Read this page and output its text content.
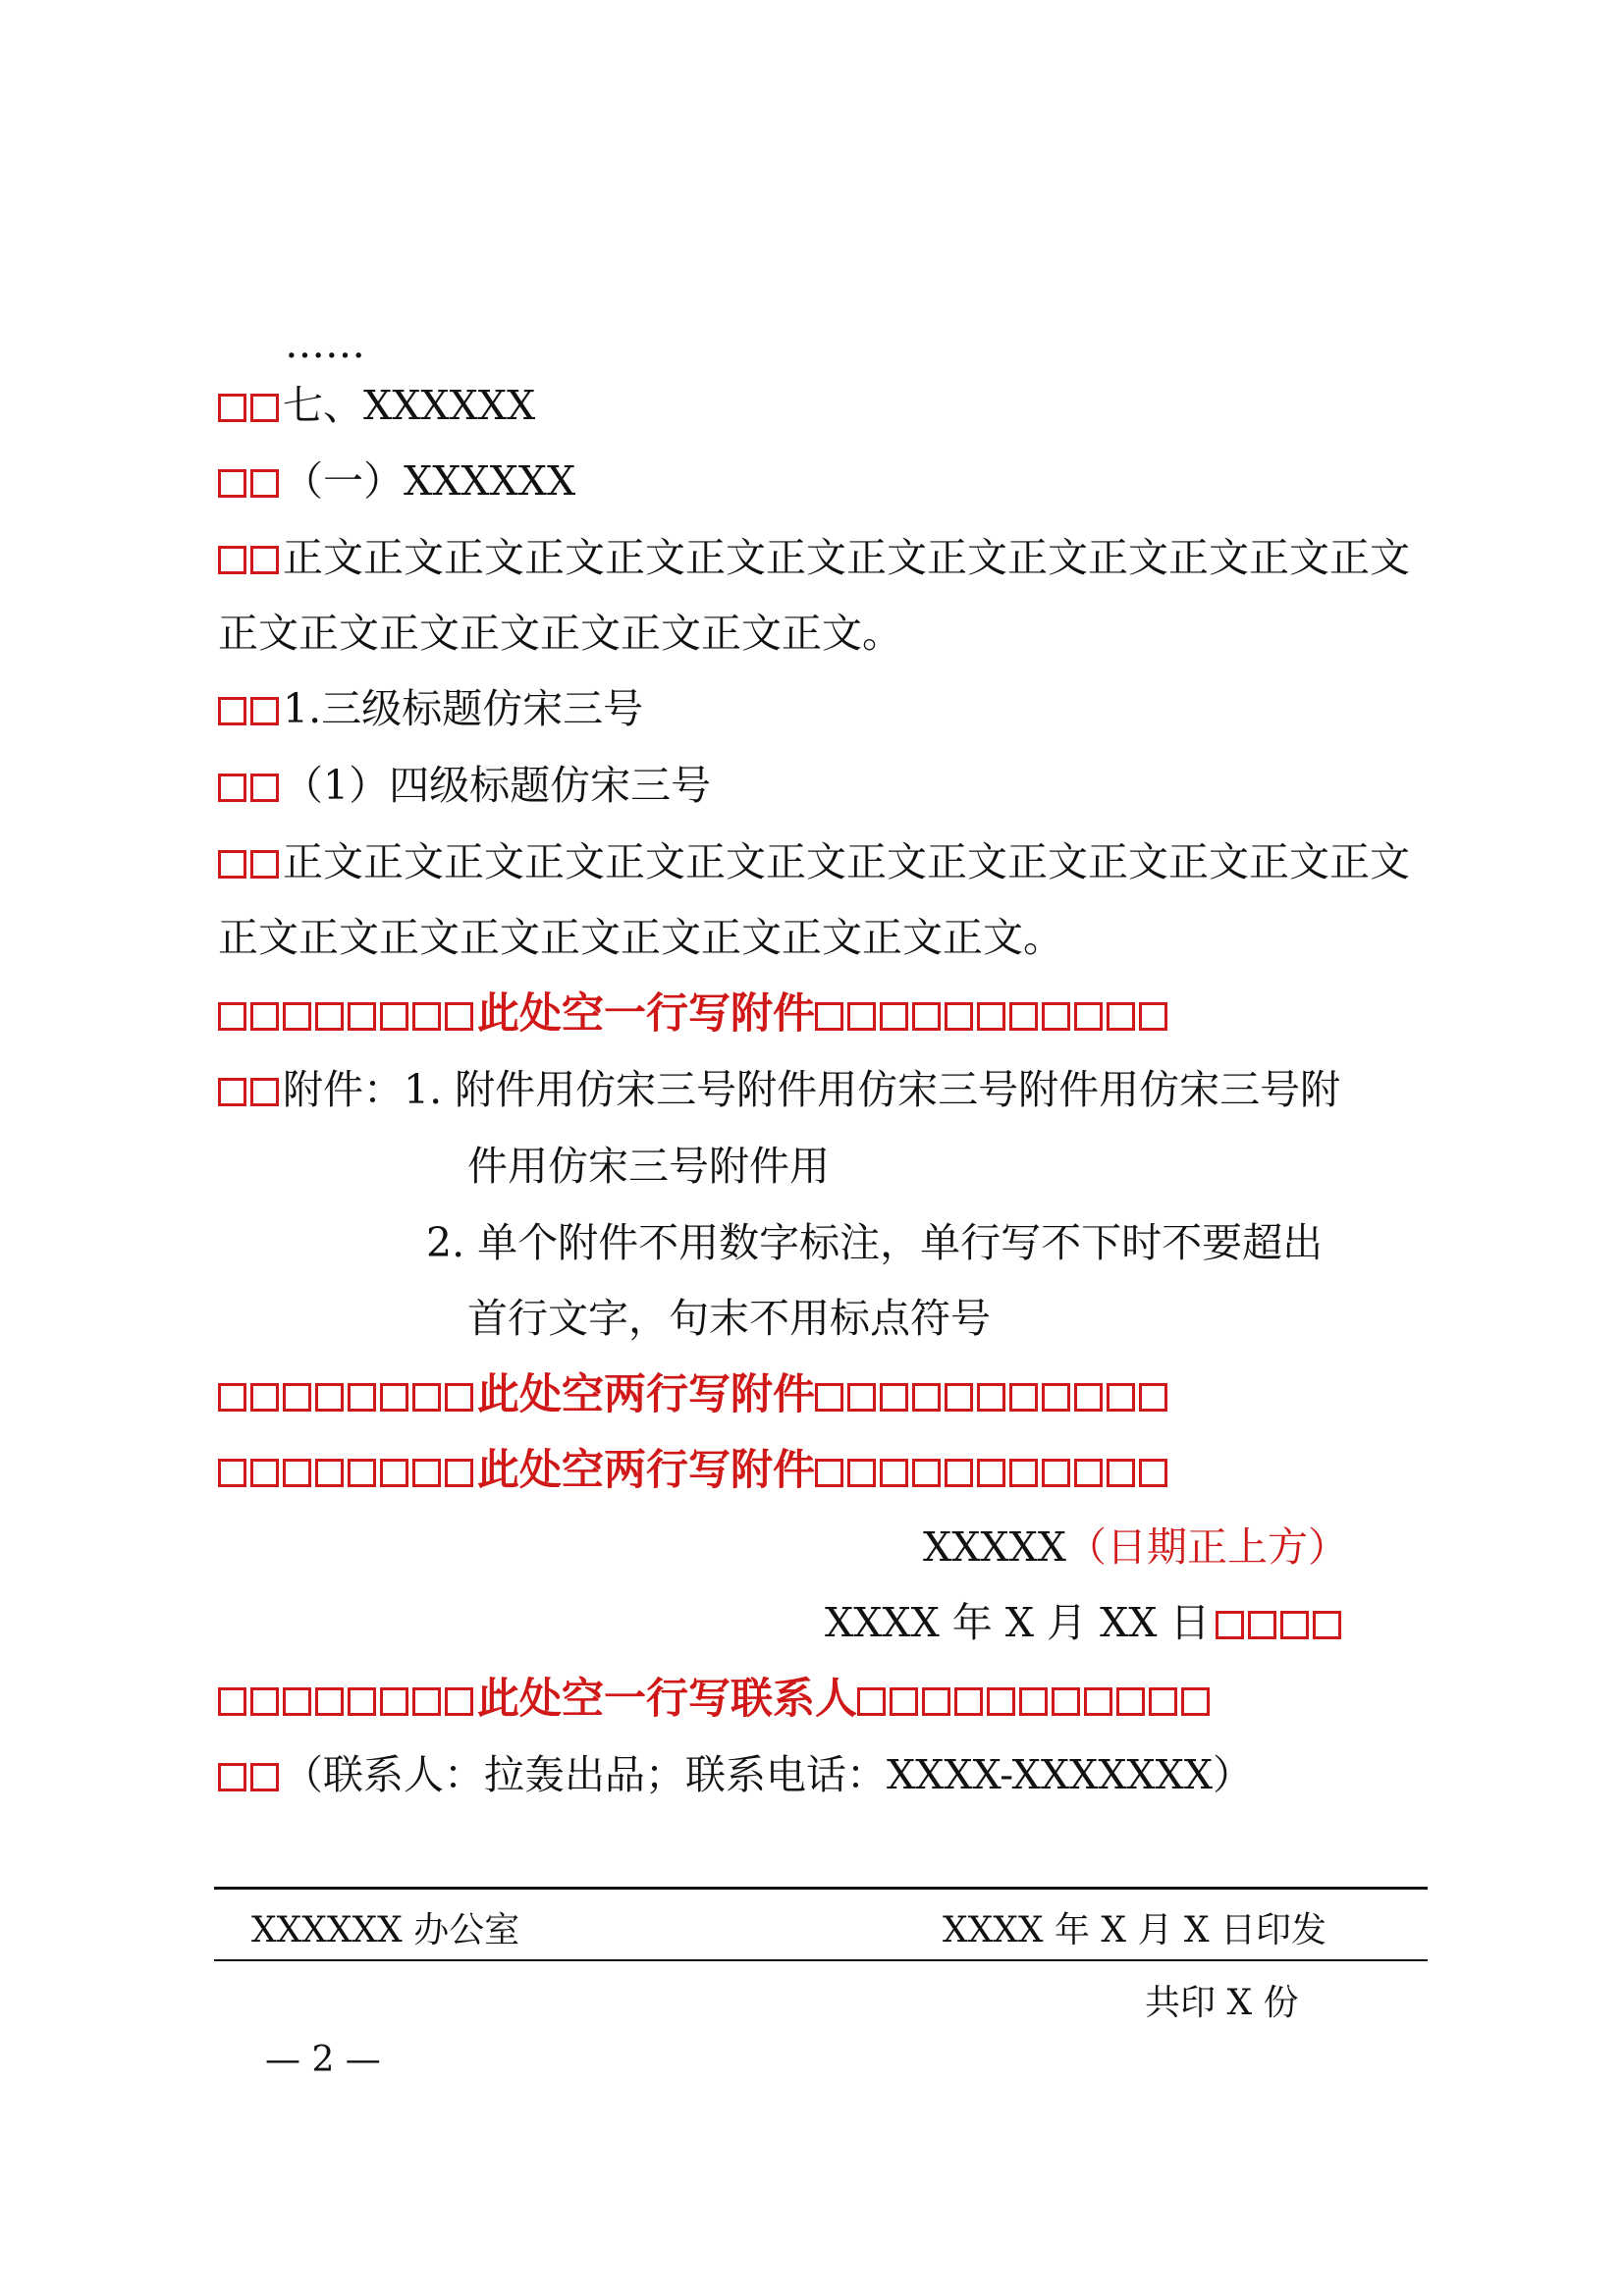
……
七、XXXXXX
（一）XXXXXX
正文正文正文正文正文正文正文正文正文正文正文正文正文正文
正文正文正文正文正文正文正文正文。
1.三级标题仿宋三号
（1）四级标题仿宋三号
正文正文正文正文正文正文正文正文正文正文正文正文正文正文
正文正文正文正文正文正文正文正文正文正文。
此处空一行写附件
附件：1. 附件用仿宋三号附件用仿宋三号附件用仿宋三号附
件用仿宋三号附件用
2. 单个附件不用数字标注，单行写不下时不要超出
首行文字，句末不用标点符号
此处空两行写附件
此处空两行写附件
XXXXX（日期正上方）
XXXX 年 X 月 XX 日
此处空一行写联系人
（联系人：拉轰出品；联系电话：XXXX-XXXXXXX）
XXXXXX 办公室	XXXX 年 X 月 X 日印发
共印 X 份
— 2 —
